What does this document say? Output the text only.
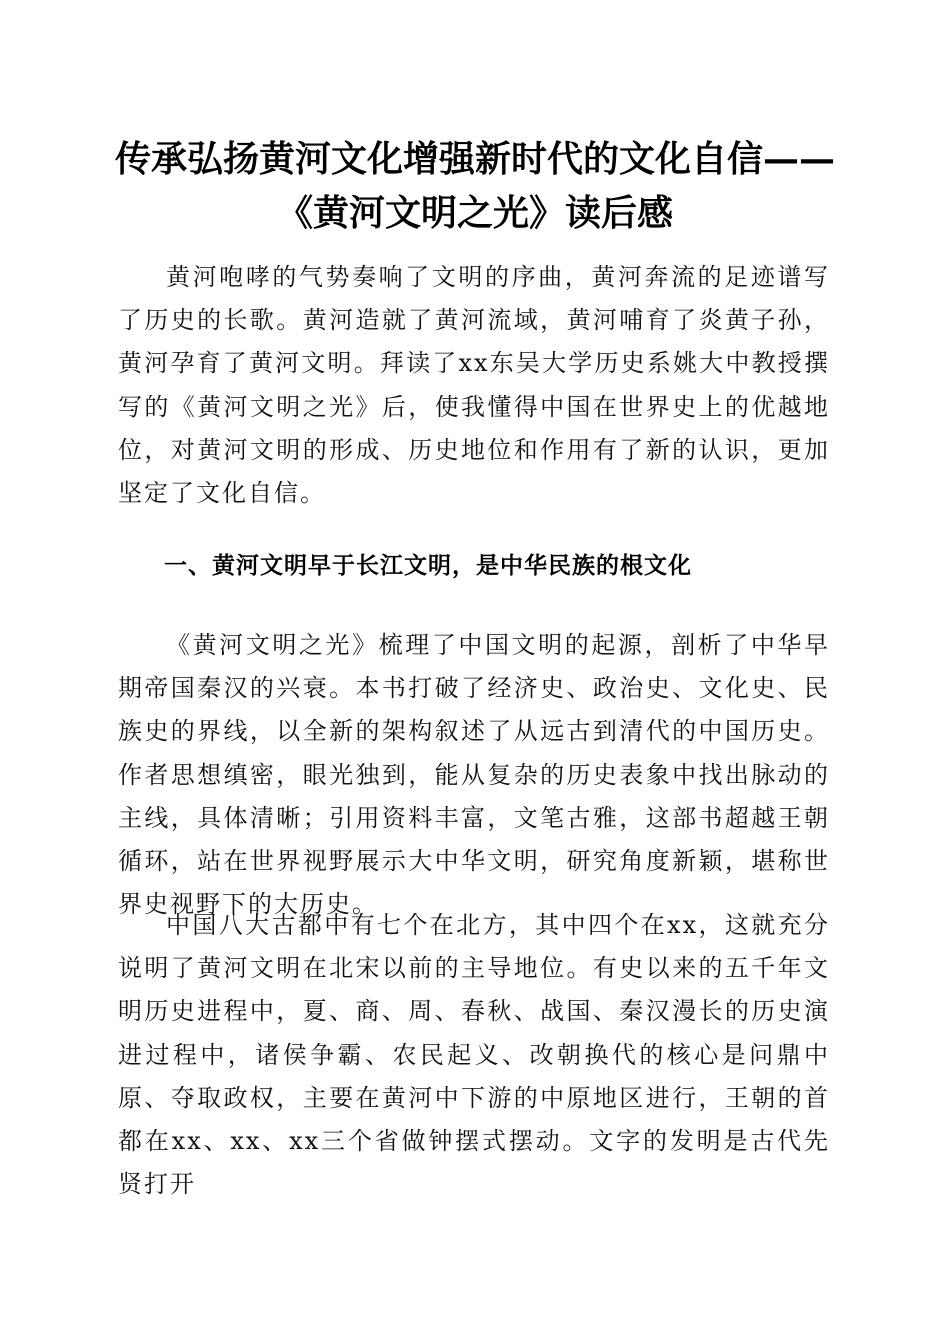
传承弘扬黄河文化增强新时代的文化自信——
《黄河文明之光》读后感

黄河咆哮的气势奏响了文明的序曲，黄河奔流的足迹谱写了历史的长歌。黄河造就了黄河流域，黄河哺育了炎黄子孙，黄河孕育了黄河文明。拜读了xx东吴大学历史系姚大中教授撰写的《黄河文明之光》后，使我懂得中国在世界史上的优越地位，对黄河文明的形成、历史地位和作用有了新的认识，更加坚定了文化自信。

一、黄河文明早于长江文明，是中华民族的根文化

《黄河文明之光》梳理了中国文明的起源，剖析了中华早期帝国秦汉的兴衰。本书打破了经济史、政治史、文化史、民族史的界线，以全新的架构叙述了从远古到清代的中国历史。作者思想缜密，眼光独到，能从复杂的历史表象中找出脉动的主线，具体清晰；引用资料丰富，文笔古雅，这部书超越王朝循环，站在世界视野展示大中华文明，研究角度新颖，堪称世界史视野下的大历史。

中国八大古都中有七个在北方，其中四个在xx，这就充分说明了黄河文明在北宋以前的主导地位。有史以来的五千年文明历史进程中，夏、商、周、春秋、战国、秦汉漫长的历史演进过程中，诸侯争霸、农民起义、改朝换代的核心是问鼎中原、夺取政权，主要在黄河中下游的中原地区进行，王朝的首都在xx、xx、xx三个省做钟摆式摆动。文字的发明是古代先贤打开
